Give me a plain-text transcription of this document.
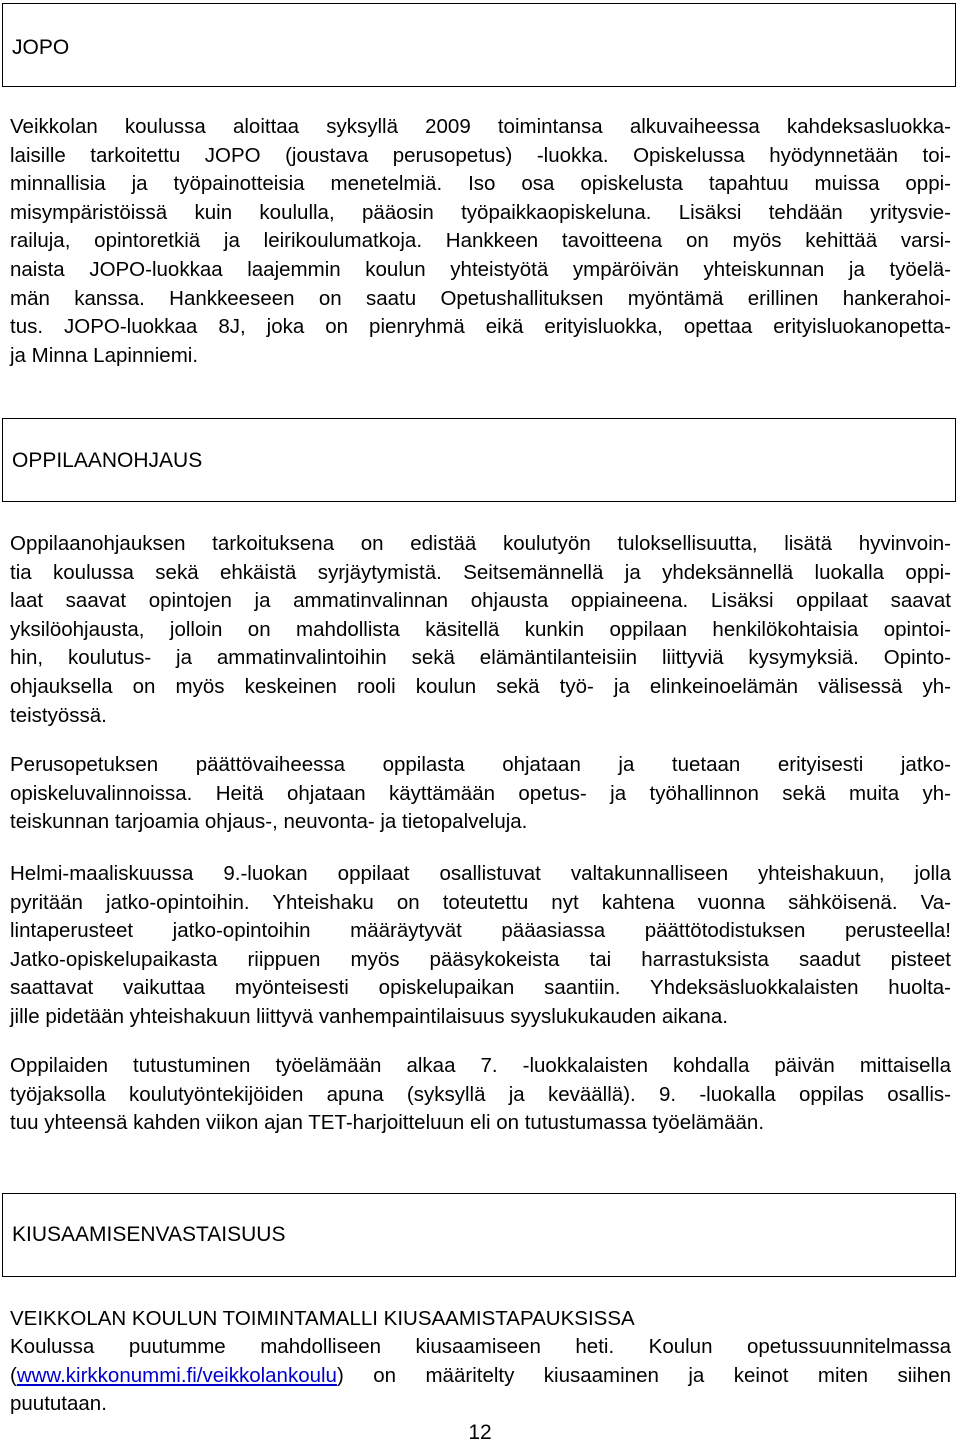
JOPO
Veikkolan koulussa aloittaa syksyllä 2009 toimintansa alkuvaiheessa kahdeksasluokka-
laisille tarkoitettu JOPO (joustava perusopetus) -luokka. Opiskelussa hyödynnetään toi-
minnallisia ja työpainotteisia menetelmiä. Iso osa opiskelusta tapahtuu muissa oppi-
misympäristöissä kuin koululla, pääosin työpaikkaopiskeluna. Lisäksi tehdään yritysvie-
railuja, opintoretkiä ja leirikoulumatkoja. Hankkeen tavoitteena on myös kehittää varsi-
naista JOPO-luokkaa laajemmin koulun yhteistyötä ympäröivän yhteiskunnan ja työelä-
män kanssa. Hankkeeseen on saatu Opetushallituksen myöntämä erillinen hankerahoi-
tus. JOPO-luokkaa 8J, joka on pienryhmä eikä erityisluokka, opettaa erityisluokanopetta-
ja Minna Lapinniemi.
OPPILAANOHJAUS
Oppilaanohjauksen tarkoituksena on edistää koulutyön tuloksellisuutta, lisätä hyvinvoin-
tia koulussa sekä ehkäistä syrjäytymistä. Seitsemännellä ja yhdeksännellä luokalla oppi-
laat saavat opintojen ja ammatinvalinnan ohjausta oppiaineena. Lisäksi oppilaat saavat
yksilöohjausta, jolloin on mahdollista käsitellä kunkin oppilaan henkilökohtaisia opintoi-
hin, koulutus- ja ammatinvalintoihin sekä elämäntilanteisiin liittyviä kysymyksiä. Opinto-
ohjauksella on myös keskeinen rooli koulun sekä työ- ja elinkeinoelämän välisessä yh-
teistyössä.
Perusopetuksen päättövaiheessa oppilasta ohjataan ja tuetaan erityisesti jatko-
opiskeluvalinnoissa. Heitä ohjataan käyttämään opetus- ja työhallinnon sekä muita yh-
teiskunnan tarjoamia ohjaus-, neuvonta- ja tietopalveluja.
Helmi-maaliskuussa 9.-luokan oppilaat osallistuvat valtakunnalliseen yhteishakuun, jolla
pyritään jatko-opintoihin. Yhteishaku on toteutettu nyt kahtena vuonna sähköisenä. Va-
lintaperusteet jatko-opintoihin määräytyvät pääasiassa päättötodistuksen perusteella!
Jatko-opiskelupaikasta riippuen myös pääsykokeista tai harrastuksista saadut pisteet
saattavat vaikuttaa myönteisesti opiskelupaikan saantiin. Yhdeksäsluokkalaisten huolta-
jille pidetään yhteishakuun liittyvä vanhempaintilaisuus syyslukukauden aikana.
Oppilaiden tutustuminen työelämään alkaa 7. -luokkalaisten kohdalla päivän mittaisella
työjaksolla koulutyöntekijöiden apuna (syksyllä ja keväällä). 9. -luokalla oppilas osallis-
tuu yhteensä kahden viikon ajan TET-harjoitteluun eli on tutustumassa työelämään.
KIUSAAMISENVASTAISUUS
VEIKKOLAN KOULUN TOIMINTAMALLI KIUSAAMISTAPAUKSISSA
Koulussa puutumme mahdolliseen kiusaamiseen heti. Koulun opetussuunnitelmassa
(www.kirkkonummi.fi/veikkolankoulu) on määritelty kiusaaminen ja keinot miten siihen
puututaan.
12
